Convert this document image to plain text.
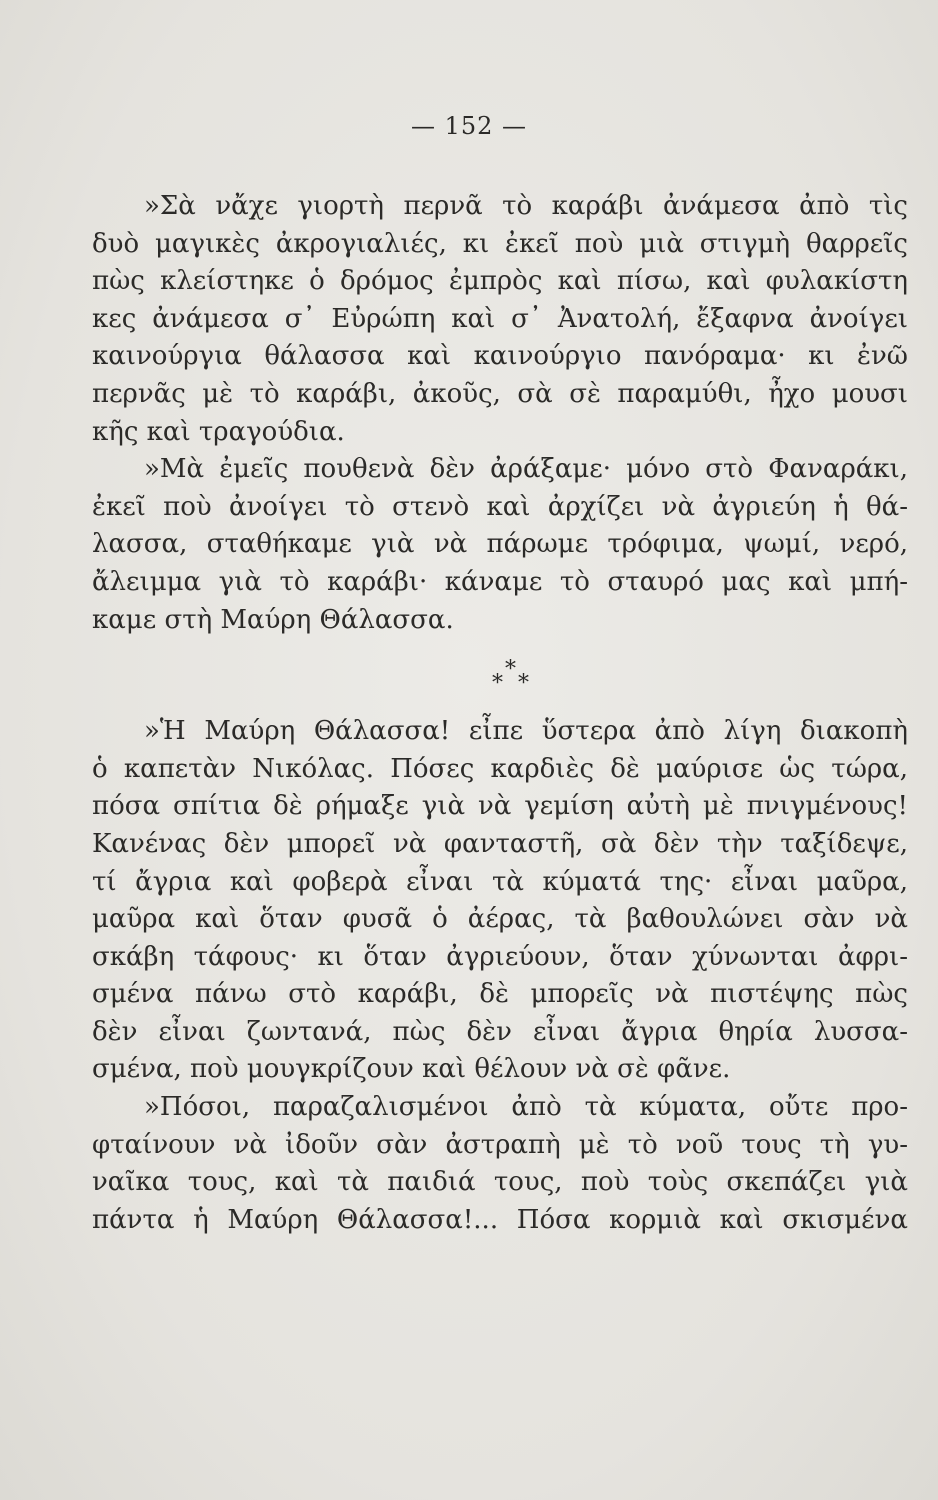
— 152 —
»Σὰ νἄχε γιορτὴ περνᾶ τὸ καράβι ἀνάμεσα ἀπὸ τὶς
δυὸ μαγικὲς ἀκρογιαλιές, κι ἐκεῖ ποὺ μιὰ στιγμὴ θαρρεῖς
πὼς κλείστηκε ὁ δρόμος ἐμπρὸς καὶ πίσω, καὶ φυλακίστη
κες ἀνάμεσα σ᾽ Εὐρώπη καὶ σ᾽ Ἀνατολή, ἔξαφνα ἀνοίγει
καινούργια θάλασσα καὶ καινούργιο πανόραμα· κι ἐνῶ
περνᾶς μὲ τὸ καράβι, ἀκοῦς, σὰ σὲ παραμύθι, ἦχο μουσι
κῆς καὶ τραγούδια.
»Μὰ ἐμεῖς πουθενὰ δὲν ἀράξαμε· μόνο στὸ Φαναράκι,
ἐκεῖ ποὺ ἀνοίγει τὸ στενὸ καὶ ἀρχίζει νὰ ἀγριεύη ἡ θά-
λασσα, σταθήκαμε γιὰ νὰ πάρωμε τρόφιμα, ψωμί, νερό,
ἄλειμμα γιὰ τὸ καράβι· κάναμε τὸ σταυρό μας καὶ μπή-
καμε στὴ Μαύρη Θάλασσα.
*
* *
»Ἡ Μαύρη Θάλασσα! εἶπε ὕστερα ἀπὸ λίγη διακοπὴ
ὁ καπετὰν Νικόλας. Πόσες καρδιὲς δὲ μαύρισε ὡς τώρα,
πόσα σπίτια δὲ ρήμαξε γιὰ νὰ γεμίση αὐτὴ μὲ πνιγμένους!
Κανένας δὲν μπορεῖ νὰ φανταστῆ, σὰ δὲν τὴν ταξίδεψε,
τί ἄγρια καὶ φοβερὰ εἶναι τὰ κύματά της· εἶναι μαῦρα,
μαῦρα καὶ ὅταν φυσᾶ ὁ ἀέρας, τὰ βαθουλώνει σὰν νὰ
σκάβη τάφους· κι ὅταν ἀγριεύουν, ὅταν χύνωνται ἀφρι-
σμένα πάνω στὸ καράβι, δὲ μπορεῖς νὰ πιστέψης πὼς
δὲν εἶναι ζωντανά, πὼς δὲν εἶναι ἄγρια θηρία λυσσα-
σμένα, ποὺ μουγκρίζουν καὶ θέλουν νὰ σὲ φᾶνε.
»Πόσοι, παραζαλισμένοι ἀπὸ τὰ κύματα, οὔτε προ-
φταίνουν νὰ ἰδοῦν σὰν ἀστραπὴ μὲ τὸ νοῦ τους τὴ γυ-
ναῖκα τους, καὶ τὰ παιδιά τους, ποὺ τοὺς σκεπάζει γιὰ
πάντα ἡ Μαύρη Θάλασσα!... Πόσα κορμιὰ καὶ σκισμένα
